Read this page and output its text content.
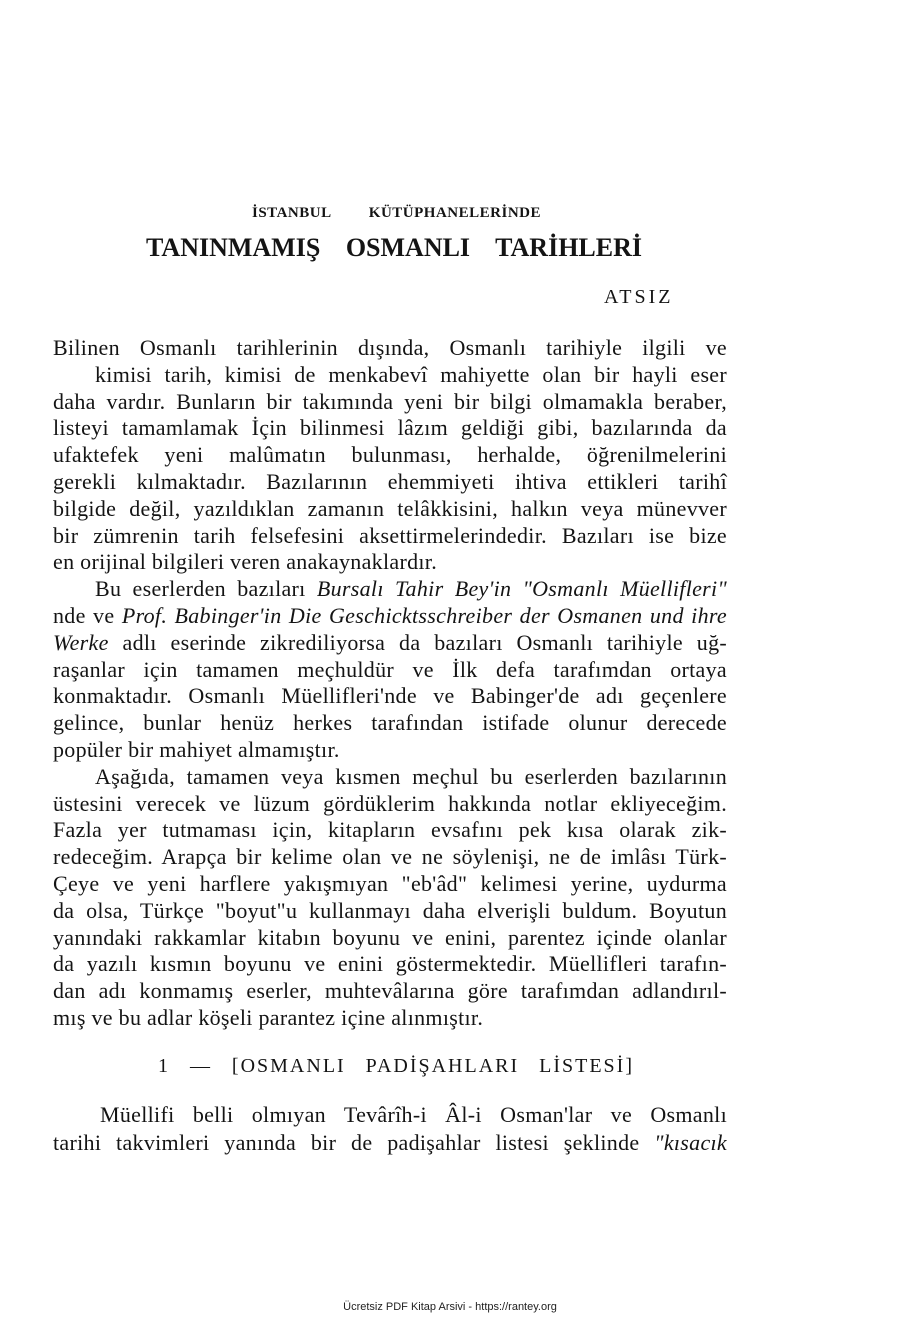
İSTANBUL KÜTÜPHANELERİNDE
TANINMAMIŞ OSMANLI TARİHLERİ
ATSIZ
Bilinen Osmanlı tarihlerinin dışında, Osmanlı tarihiyle ilgili ve
kimisi tarih, kimisi de menkabevî mahiyette olan bir hayli eser
daha vardır. Bunların bir takımında yeni bir bilgi olmamakla beraber,
listeyi tamamlamak İçin bilinmesi lâzım geldiği gibi, bazılarında da
ufaktefek yeni malûmatın bulunması, herhalde, öğrenilmelerini
gerekli kılmaktadır. Bazılarının ehemmiyeti ihtiva ettikleri tarihî
bilgide değil, yazıldıklan zamanın telâkkisini, halkın veya münevver
bir zümrenin tarih felsefesini aksettirmelerindedir. Bazıları ise bize
en orijinal bilgileri veren anakaynaklardır.
Bu eserlerden bazıları Bursalı Tahir Bey'in "Osmanlı Müellifleri"
nde ve Prof. Babinger'in Die Geschicktsschreiber der Osmanen und ihre
Werke adlı eserinde zikrediliyorsa da bazıları Osmanlı tarihiyle uğ-
raşanlar için tamamen meçhuldür ve İlk defa tarafımdan ortaya
konmaktadır. Osmanlı Müellifleri'nde ve Babinger'de adı geçenlere
gelince, bunlar henüz herkes tarafından istifade olunur derecede
popüler bir mahiyet almamıştır.
Aşağıda, tamamen veya kısmen meçhul bu eserlerden bazılarının
üstesini verecek ve lüzum gördüklerim hakkında notlar ekliyeceğim.
Fazla yer tutmaması için, kitapların evsafını pek kısa olarak zik-
redeceğim. Arapça bir kelime olan ve ne söylenişi, ne de imlâsı Türk-
Çeye ve yeni harflere yakışmıyan "eb'âd" kelimesi yerine, uydurma
da olsa, Türkçe "boyut"u kullanmayı daha elverişli buldum. Boyutun
yanındaki rakkamlar kitabın boyunu ve enini, parentez içinde olanlar
da yazılı kısmın boyunu ve enini göstermektedir. Müellifleri tarafın-
dan adı konmamış eserler, muhtevâlarına göre tarafımdan adlandırıl-
mış ve bu adlar köşeli parantez içine alınmıştır.
1 — [OSMANLI PADİŞAHLARI LİSTESİ]
Müellifi belli olmıyan Tevârîh-i Âl-i Osman'lar ve Osmanlı
tarihi takvimleri yanında bir de padişahlar listesi şeklinde "kısacık
Ücretsiz PDF Kitap Arsivi - https://rantey.org
